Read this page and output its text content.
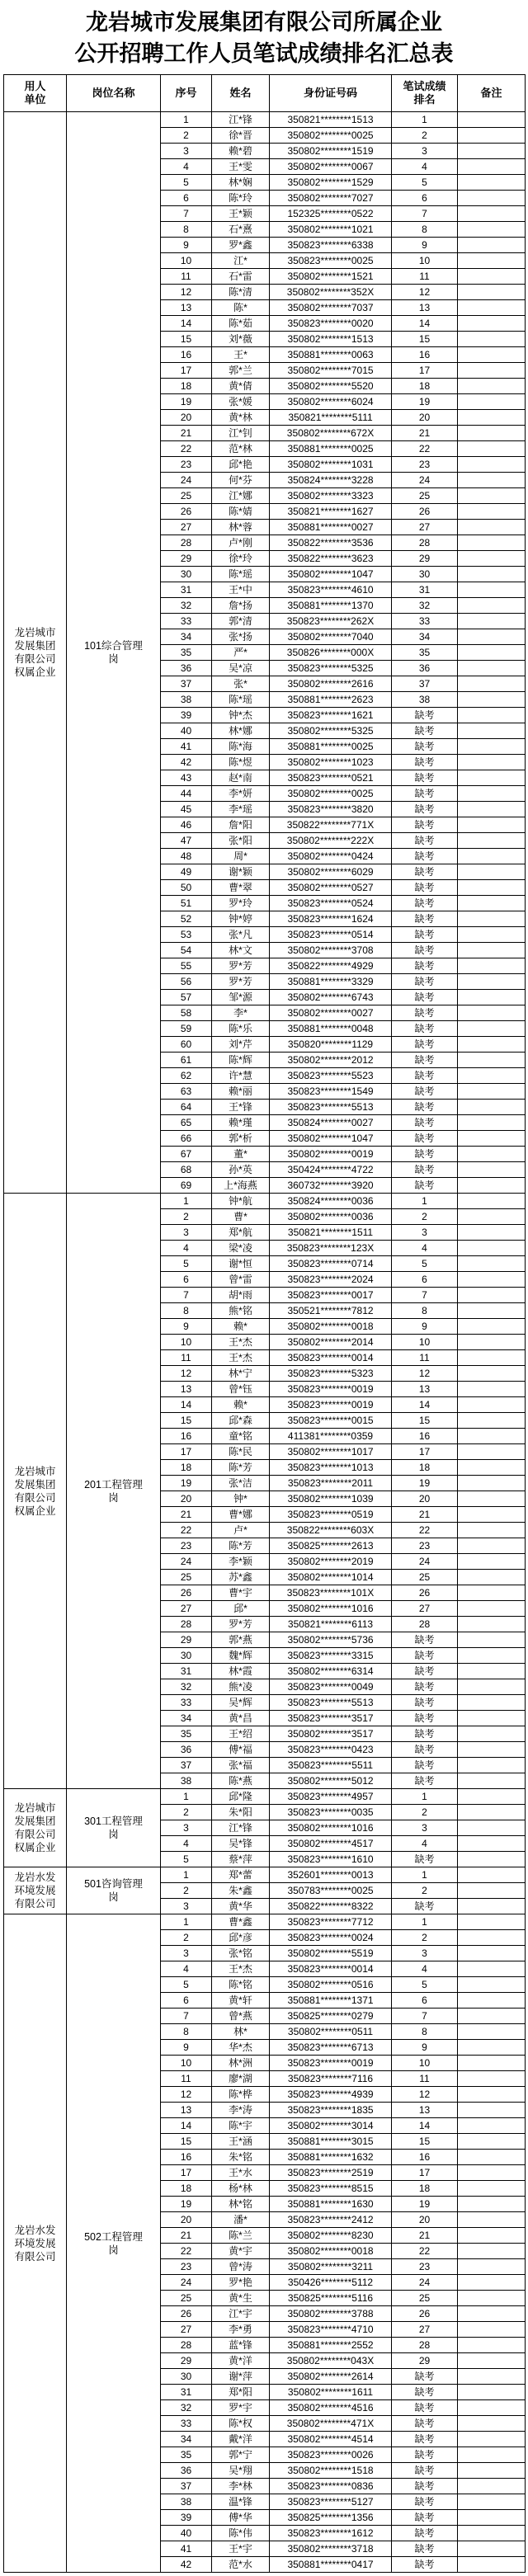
龙岩城市发展集团有限公司所属企业
公开招聘工作人员笔试成绩排名汇总表
用人单位	岗位名称	序号	姓名	身份证号码	笔试成绩排名	备注
龙岩城市发展集团有限公司权属企业	101综合管理岗	1	江*锋	350821********1513	1	
		2	徐*晋	350802********0025	2	
		3	赖*碧	350802********1519	3	
		4	王*雯	350802********0067	4	
		5	林*娴	350802********1529	5	
		6	陈*玲	350802********7027	6	
		7	王*颖	152325********0522	7	
		8	石*熹	350802********1021	8	
		9	罗*鑫	350823********6338	9	
		10	江*	350823********0025	10	
		11	石*雷	350802********1521	11	
		12	陈*清	350802********352X	12	
		13	陈*	350802********7037	13	
		14	陈*茹	350823********0020	14	
		15	刘*薇	350802********1513	15	
		16	王*	350881********0063	16	
		17	郭*兰	350802********7015	17	
		18	黄*倩	350802********5520	18	
		19	张*媛	350802********6024	19	
		20	黄*林	350821********5111	20	
		21	江*钊	350802********672X	21	
		22	范*林	350881********0025	22	
		23	邱*艳	350802********1031	23	
		24	何*芬	350824********3228	24	
		25	江*娜	350802********3323	25	
		26	陈*婧	350821********1627	26	
		27	林*蓉	350881********0027	27	
		28	卢*刚	350822********3536	28	
		29	徐*玲	350822********3623	29	
		30	陈*瑶	350802********1047	30	
		31	王*中	350823********4610	31	
		32	詹*扬	350881********1370	32	
		33	郭*清	350823********262X	33	
		34	张*扬	350802********7040	34	
		35	严*	350826********000X	35	
		36	吴*凉	350823********5325	36	
		37	张*	350802********2616	37	
		38	陈*瑶	350881********2623	38	
		39	钟*杰	350823********1621	缺考	
		40	林*娜	350802********5325	缺考	
		41	陈*海	350881********0025	缺考	
		42	陈*煜	350802********1023	缺考	
		43	赵*南	350823********0521	缺考	
		44	李*妍	350802********0025	缺考	
		45	李*瑶	350823********3820	缺考	
		46	詹*阳	350822********771X	缺考	
		47	张*阳	350802********222X	缺考	
		48	周*	350802********0424	缺考	
		49	谢*颖	350802********6029	缺考	
		50	曹*翠	350802********0527	缺考	
		51	罗*玲	350823********0524	缺考	
		52	钟*婷	350823********1624	缺考	
		53	张*凡	350823********0514	缺考	
		54	林*文	350802********3708	缺考	
		55	罗*芳	350822********4929	缺考	
		56	罗*芳	350881********3329	缺考	
		57	邹*源	350802********6743	缺考	
		58	李*	350802********0027	缺考	
		59	陈*乐	350881********0048	缺考	
		60	刘*芹	350820********1129	缺考	
		61	陈*辉	350802********2012	缺考	
		62	许*慧	350823********5523	缺考	
		63	赖*丽	350823********1549	缺考	
		64	王*锋	350823********5513	缺考	
		65	赖*瑾	350824********0027	缺考	
		66	郭*析	350802********1047	缺考	
		67	董*	350802********0019	缺考	
		68	孙*英	350424********4722	缺考	
		69	上*海燕	360732********3920	缺考	
龙岩城市发展集团有限公司权属企业	201工程管理岗	1	钟*航	350824********0036	1	
		2	曹*	350802********0036	2	
		3	郑*航	350821********1511	3	
		4	梁*凌	350823********123X	4	
		5	谢*恒	350823********0714	5	
		6	曾*雷	350823********2024	6	
		7	胡*雨	350823********0017	7	
		8	熊*铭	350521********7812	8	
		9	赖*	350802********0018	9	
		10	王*杰	350802********2014	10	
		11	王*杰	350823********0014	11	
		12	林*宁	350823********5323	12	
		13	曾*钰	350823********0019	13	
		14	赖*	350823********0019	14	
		15	邱*森	350823********0015	15	
		16	童*铭	411381********0359	16	
		17	陈*民	350802********1017	17	
		18	陈*芳	350823********1013	18	
		19	张*洁	350823********2011	19	
		20	钟*	350802********1039	20	
		21	曹*娜	350823********0519	21	
		22	卢*	350822********603X	22	
		23	陈*芳	350825********2613	23	
		24	李*颖	350802********2019	24	
		25	苏*鑫	350802********1014	25	
		26	曹*宇	350823********101X	26	
		27	邱*	350802********1016	27	
		28	罗*芳	350821********6113	28	
		29	郭*燕	350802********5736	缺考	
		30	魏*辉	350823********3315	缺考	
		31	林*霞	350802********6314	缺考	
		32	熊*凌	350823********0049	缺考	
		33	吴*辉	350823********5513	缺考	
		34	黄*昌	350823********3517	缺考	
		35	王*绍	350802********3517	缺考	
		36	傅*福	350823********0423	缺考	
		37	张*福	350823********5511	缺考	
		38	陈*燕	350802********5012	缺考	
龙岩城市发展集团有限公司权属企业	301工程管理岗	1	邱*隆	350823********4957	1	
		2	朱*阳	350823********0035	2	
		3	江*锋	350802********1016	3	
		4	吴*锋	350802********4517	4	
		5	蔡*萍	350823********1610	缺考	
龙岩水发环境发展有限公司	501咨询管理岗	1	郑*蕾	352601********0013	1	
		2	朱*鑫	350783********0025	2	
		3	黄*华	350822********8322	缺考	
龙岩水发环境发展有限公司	502工程管理岗	1	曹*鑫	350823********7712	1	
		2	邱*彦	350823********0024	2	
		3	张*铭	350802********5519	3	
		4	王*杰	350823********0014	4	
		5	陈*铭	350802********0516	5	
		6	黄*轩	350881********1371	6	
		7	曾*燕	350825********0279	7	
		8	林*	350802********0511	8	
		9	华*杰	350823********6713	9	
		10	林*洲	350823********0019	10	
		11	廖*湖	350823********7116	11	
		12	陈*桦	350823********4939	12	
		13	李*涛	350823********1835	13	
		14	陈*宇	350802********3014	14	
		15	王*涵	350881********3015	15	
		16	朱*铭	350881********1632	16	
		17	王*水	350823********2519	17	
		18	杨*林	350823********8515	18	
		19	林*铭	350881********1630	19	
		20	潘*	350823********2412	20	
		21	陈*兰	350802********8230	21	
		22	黄*宇	350802********0018	22	
		23	曾*涛	350802********3211	23	
		24	罗*艳	350426********5112	24	
		25	黄*生	350825********5116	25	
		26	江*宇	350802********3788	26	
		27	李*勇	350823********4710	27	
		28	蓝*锋	350881********2552	28	
		29	黄*洋	350802********043X	29	
		30	谢*萍	350802********2614	缺考	
		31	郑*阳	350802********1611	缺考	
		32	罗*宇	350802********4516	缺考	
		33	陈*权	350802********471X	缺考	
		34	戴*洋	350802********4514	缺考	
		35	郭*宁	350823********0026	缺考	
		36	吴*翔	350802********1518	缺考	
		37	李*林	350823********0836	缺考	
		38	温*锋	350823********5127	缺考	
		39	傅*华	350825********1356	缺考	
		40	陈*伟	350823********1612	缺考	
		41	王*宇	350802********3718	缺考	
		42	范*水	350881********0417	缺考	
